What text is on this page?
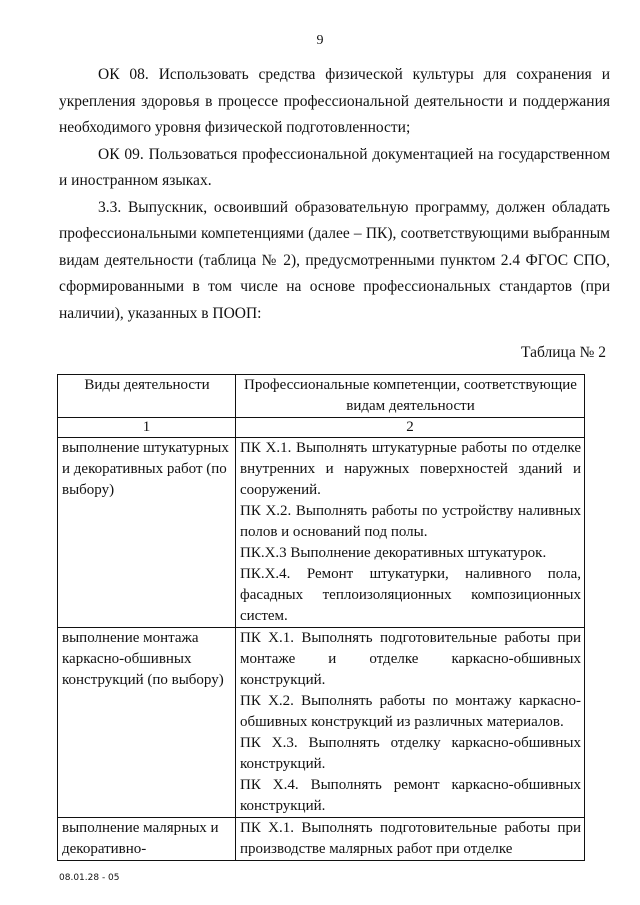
9

ОК 08. Использовать средства физической культуры для сохранения и укрепления здоровья в процессе профессиональной деятельности и поддержания необходимого уровня физической подготовленности;

ОК 09. Пользоваться профессиональной документацией на государственном и иностранном языках.

3.3. Выпускник, освоивший образовательную программу, должен обладать профессиональными компетенциями (далее – ПК), соответствующими выбранным видам деятельности (таблица № 2), предусмотренными пунктом 2.4 ФГОС СПО, сформированными в том числе на основе профессиональных стандартов (при наличии), указанных в ПООП:

Таблица № 2
Виды деятельности	Профессиональные компетенции, соответствующие видам деятельности
1	2
выполнение штукатурных и декоративных работ (по выбору)	ПК Х.1. Выполнять штукатурные работы по отделке внутренних и наружных поверхностей зданий и сооружений.
ПК Х.2. Выполнять работы по устройству наливных полов и оснований под полы.
ПК.Х.3 Выполнение декоративных штукатурок.
ПК.Х.4. Ремонт штукатурки, наливного пола, фасадных теплоизоляционных композиционных систем.

выполнение монтажа каркасно-обшивных конструкций (по выбору)	ПК Х.1. Выполнять подготовительные работы при монтаже и отделке каркасно-обшивных конструкций.
ПК Х.2. Выполнять работы по монтажу каркасно-обшивных конструкций из различных материалов.
ПК Х.3. Выполнять отделку каркасно-обшивных конструкций.
ПК Х.4. Выполнять ремонт каркасно-обшивных конструкций.

выполнение малярных и декоративно-	ПК Х.1. Выполнять подготовительные работы при производстве малярных работ при отделке
08.01.28 - 05
